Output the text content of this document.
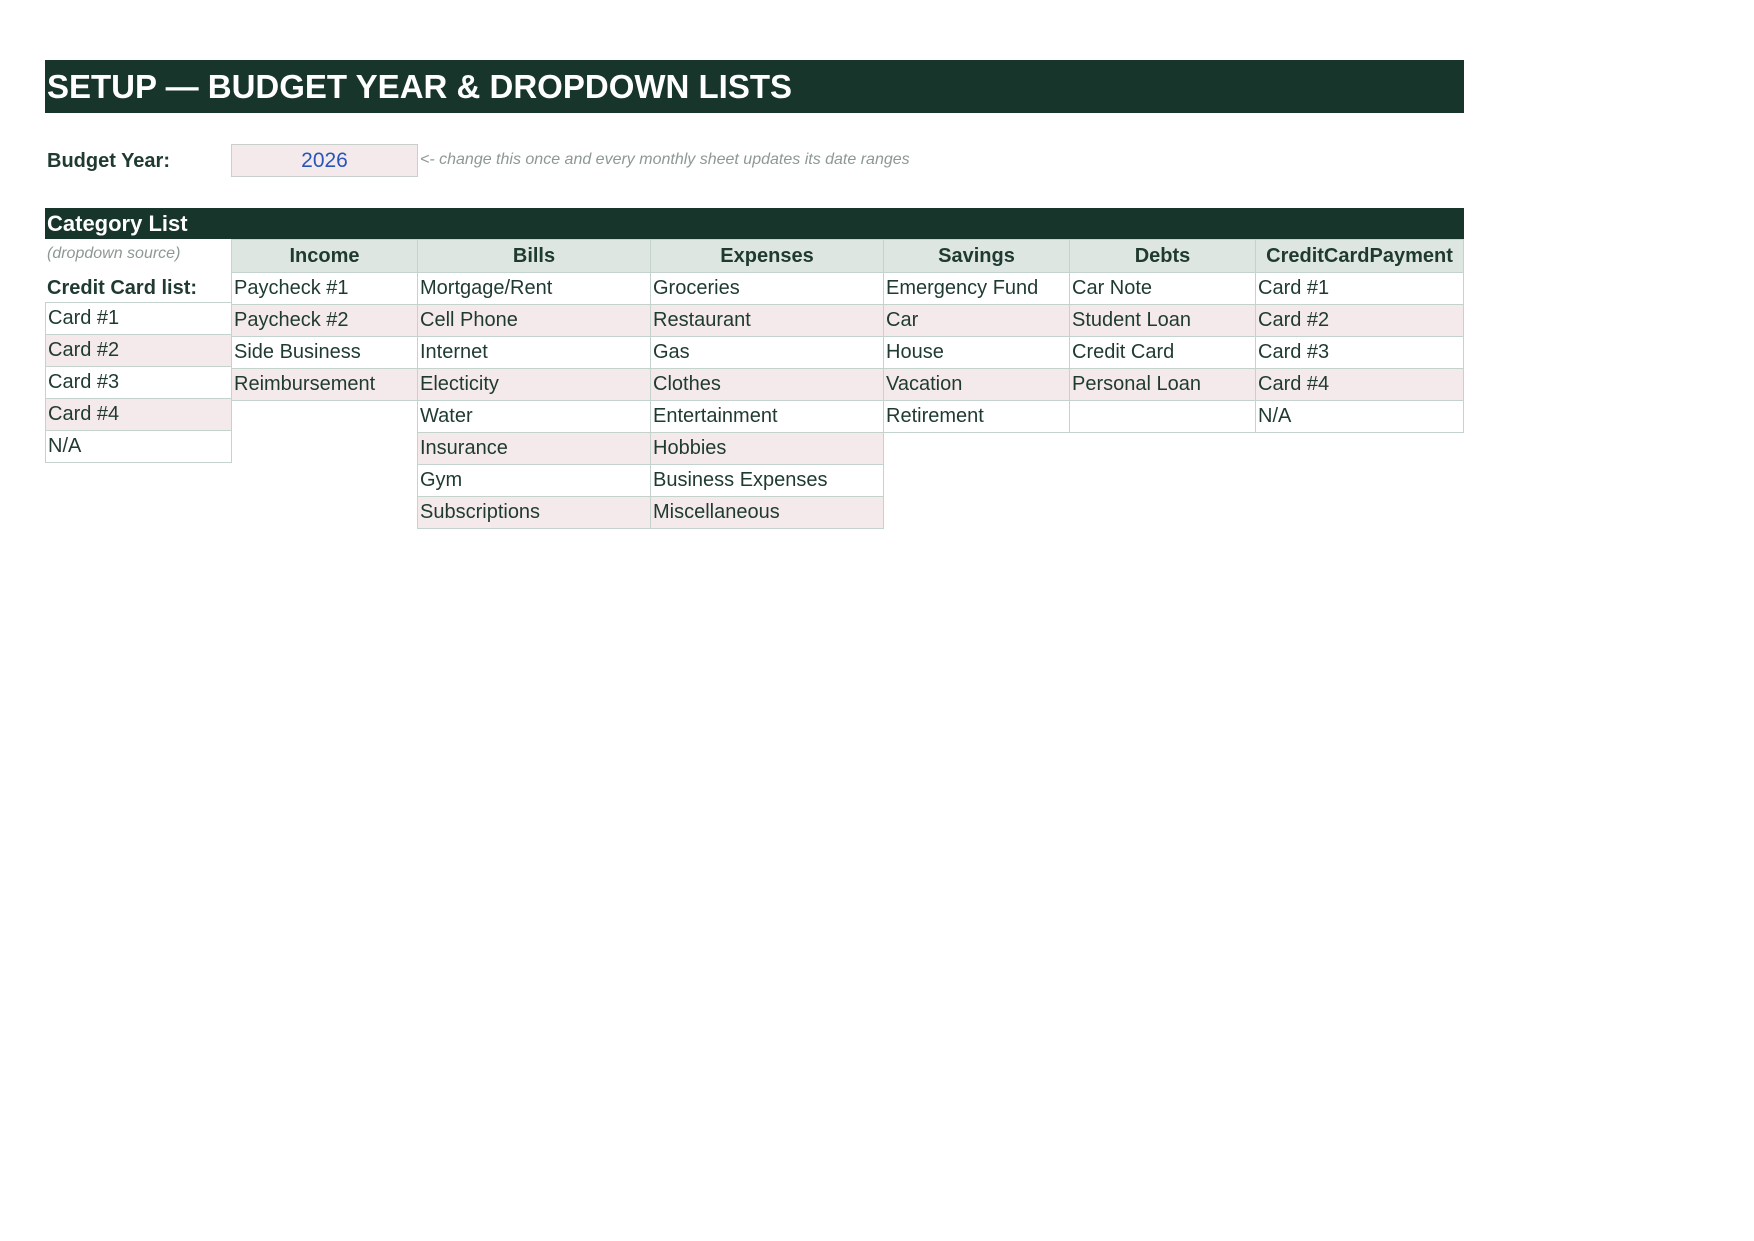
SETUP — BUDGET YEAR & DROPDOWN LISTS
Budget Year:	2026	<- change this once and every monthly sheet updates its date ranges
Category List
(dropdown source)
Credit Card list:
Card #1
Card #2
Card #3
Card #4
N/A
Income
Paycheck #1
Paycheck #2
Side Business
Reimbursement
Bills
Mortgage/Rent
Cell Phone
Internet
Electicity
Water
Insurance
Gym
Subscriptions
Expenses
Groceries
Restaurant
Gas
Clothes
Entertainment
Hobbies
Business Expenses
Miscellaneous
Savings
Emergency Fund
Car
House
Vacation
Retirement
Debts
Car Note
Student Loan
Credit Card
Personal Loan

CreditCardPayment
Card #1
Card #2
Card #3
Card #4
N/A
